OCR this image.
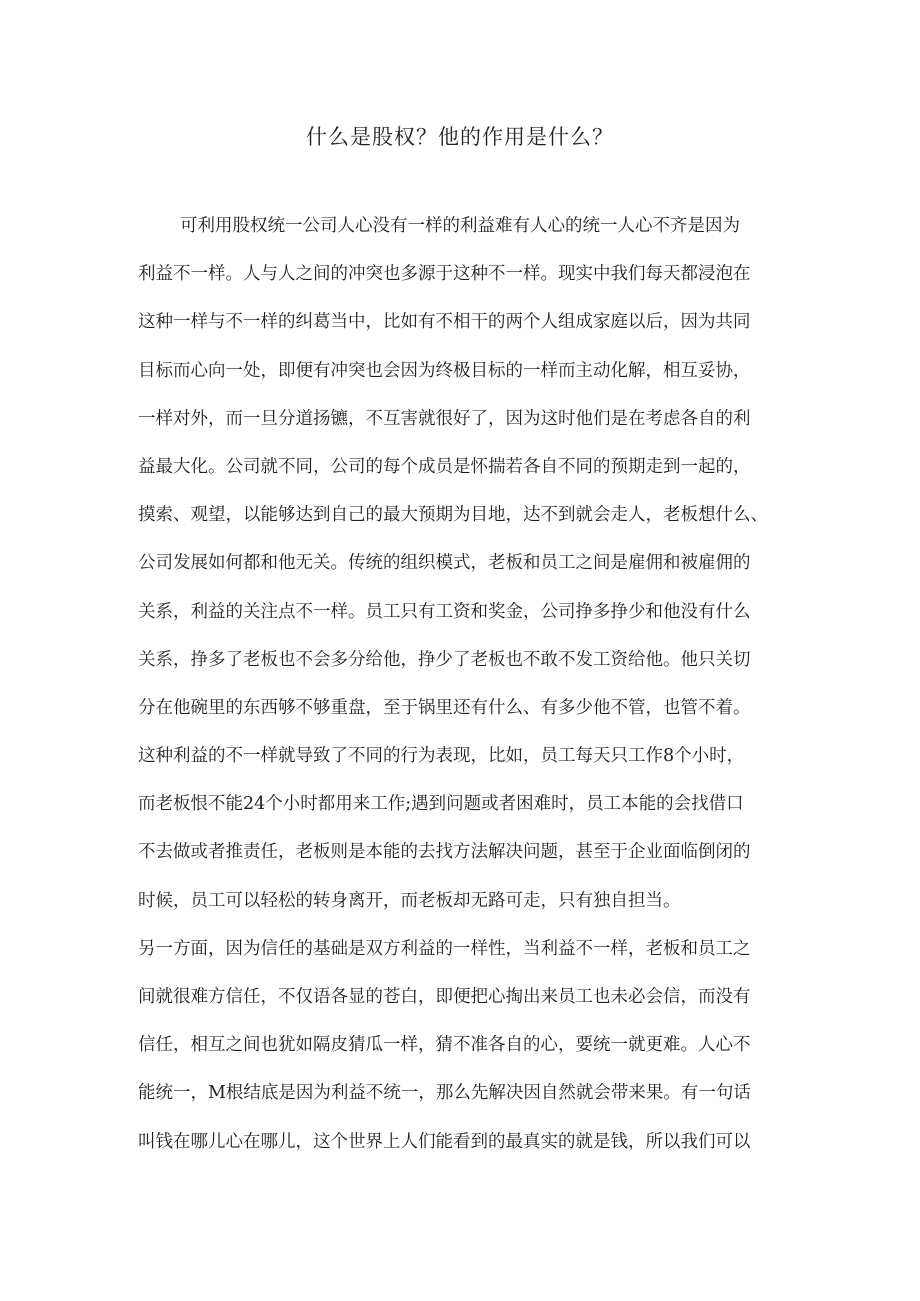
什么是股权？他的作用是什么？
可利用股权统一公司人心没有一样的利益难有人心的统一人心不齐是因为
利益不一样。人与人之间的冲突也多源于这种不一样。现实中我们每天都浸泡在
这种一样与不一样的纠葛当中，比如有不相干的两个人组成家庭以后，因为共同
目标而心向一处，即便有冲突也会因为终极目标的一样而主动化解，相互妥协，
一样对外，而一旦分道扬镳，不互害就很好了，因为这时他们是在考虑各自的利
益最大化。公司就不同，公司的每个成员是怀揣若各自不同的预期走到一起的，
摸索、观望，以能够达到自己的最大预期为目地，达不到就会走人，老板想什么、
公司发展如何都和他无关。传统的组织模式，老板和员工之间是雇佣和被雇佣的
关系，利益的关注点不一样。员工只有工资和奖金，公司挣多挣少和他没有什么
关系，挣多了老板也不会多分给他，挣少了老板也不敢不发工资给他。他只关切
分在他碗里的东西够不够重盘，至于锅里还有什么、有多少他不管，也管不着。
这种利益的不一样就导致了不同的行为表现，比如，员工每天只工作8个小时，
而老板恨不能24个小时都用来工作;遇到问题或者困难时，员工本能的会找借口
不去做或者推责任，老板则是本能的去找方法解决问题，甚至于企业面临倒闭的
时候，员工可以轻松的转身离开，而老板却无路可走，只有独自担当。
另一方面，因为信任的基础是双方利益的一样性，当利益不一样，老板和员工之
间就很难方信任，不仅语各显的苍白，即便把心掏出来员工也未必会信，而没有
信任，相互之间也犹如隔皮猜瓜一样，猜不准各自的心，要统一就更难。人心不
能统一，M根结底是因为利益不统一，那么先解决因自然就会带来果。有一句话
叫钱在哪儿心在哪儿，这个世界上人们能看到的最真实的就是钱，所以我们可以
